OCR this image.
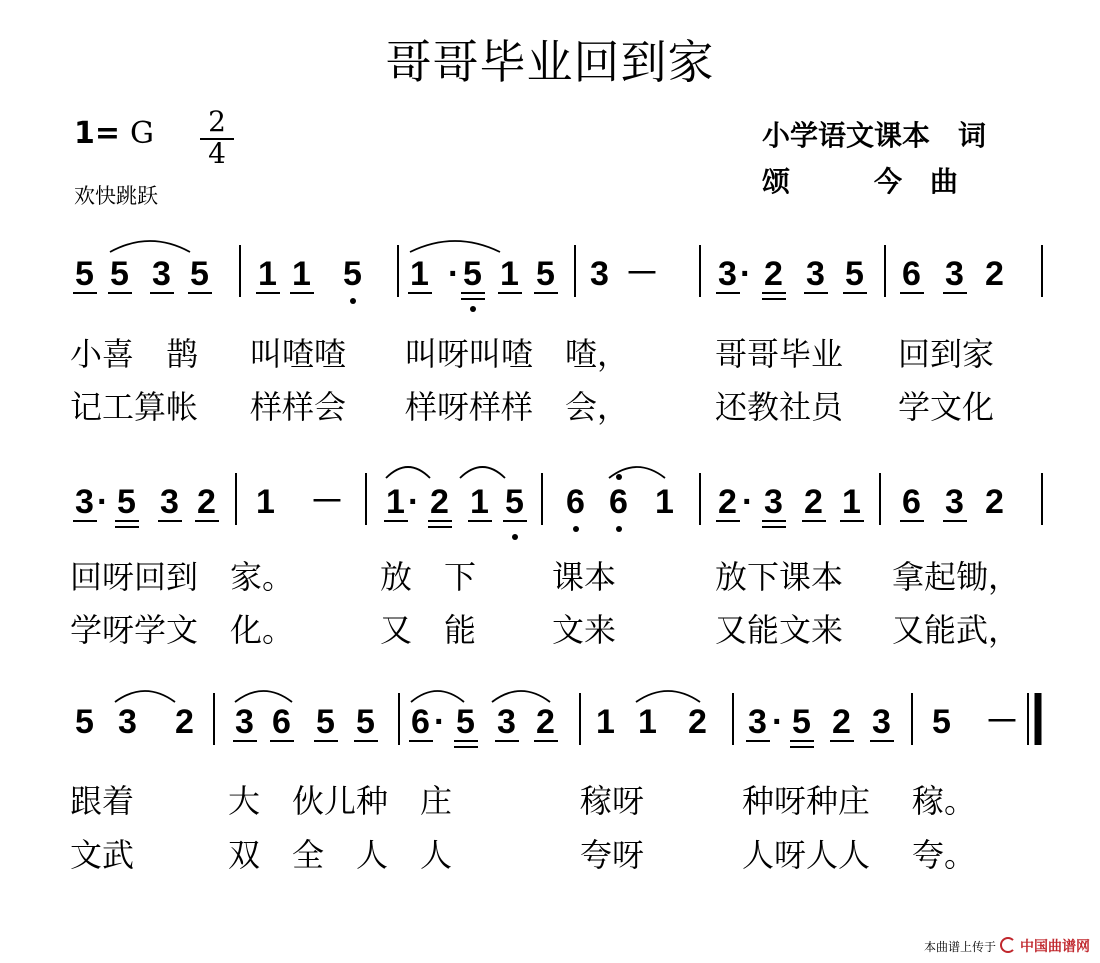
哥哥毕业回到家
1= G $\frac{2}{4}$
欢快跳跃
小学语文课本　词
颂　　　今　曲
5 5 3 5 1 1 5 1 · 5 1 5 3 － 3 · 2 3 5 6 3 2
小喜　鹊 叫喳喳 叫呀叫喳　喳，	哥哥毕业 回到家
记工算帐 样样会 样呀样样　会，	还教社员 学文化
3 · 5 3 2 1 － 1 · 2 1 5 6 6 1 2 · 3 2 1 6 3 2
回呀回到　家。	放　下 课本	放下课本 拿起锄，
学呀学文　化。	又　能 文来	又能文来 又能武，
5 3 2 3 6 5 5 6 · 5 3 2 1 1 2 3 · 5 2 3 5 －
跟着	大　伙儿种　庄	稼呀	种呀种庄 稼。
文武	双　全　人　人	夸呀	人呀人人 夸。
本曲谱上传于 中国曲谱网
